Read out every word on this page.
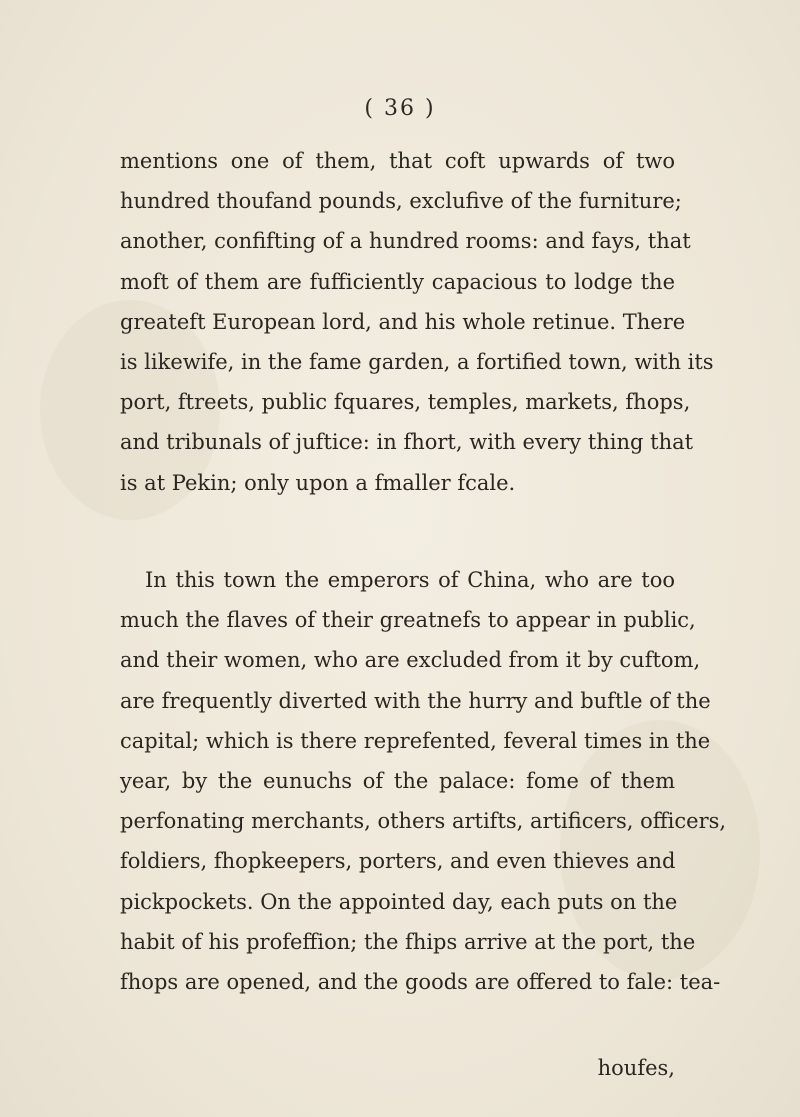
( 36 )
mentions one of them, that coft upwards of two
hundred thoufand pounds, exclufive of the furniture;
another, confifting of a hundred rooms: and fays, that
moft of them are fufficiently capacious to lodge the
greateft European lord, and his whole retinue. There
is likewife, in the fame garden, a fortified town, with its
port, ftreets, public fquares, temples, markets, fhops,
and tribunals of juftice: in fhort, with every thing that
is at Pekin; only upon a fmaller fcale.
In this town the emperors of China, who are too
much the flaves of their greatnefs to appear in public,
and their women, who are excluded from it by cuftom,
are frequently diverted with the hurry and buftle of the
capital; which is there reprefented, feveral times in the
year, by the eunuchs of the palace: fome of them
perfonating merchants, others artifts, artificers, officers,
foldiers, fhopkeepers, porters, and even thieves and
pickpockets. On the appointed day, each puts on the
habit of his profeffion; the fhips arrive at the port, the
fhops are opened, and the goods are offered to fale: tea-
houfes,
